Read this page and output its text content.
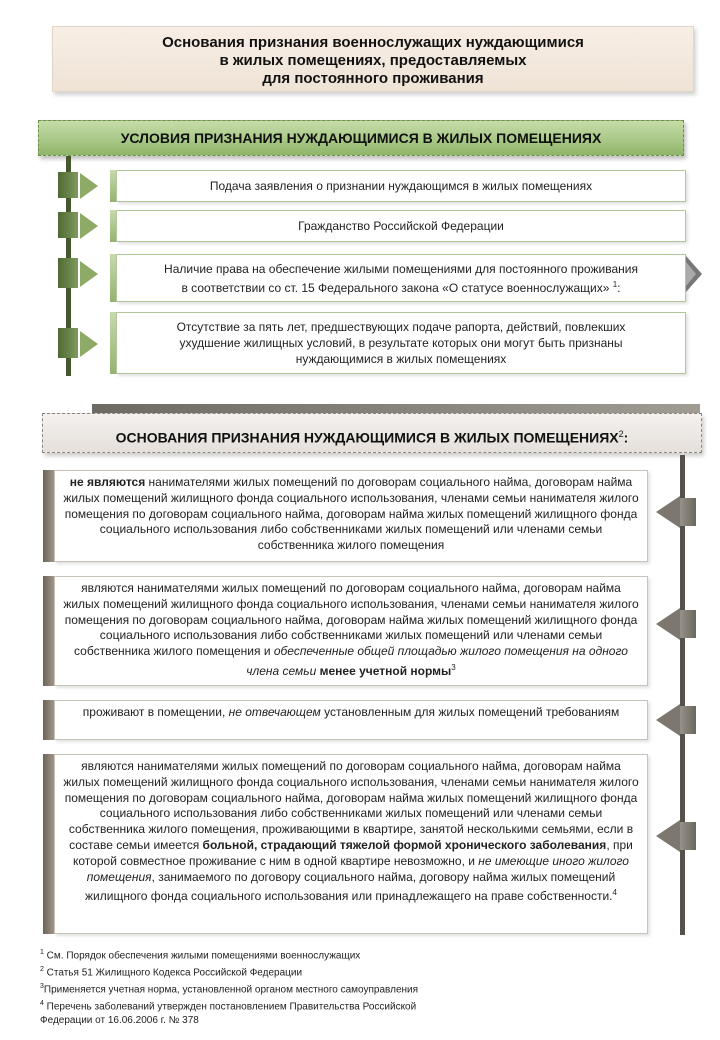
Основания признания военнослужащих нуждающимися
в жилых помещениях, предоставляемых
для постоянного проживания
УСЛОВИЯ ПРИЗНАНИЯ НУЖДАЮЩИМИСЯ В ЖИЛЫХ ПОМЕЩЕНИЯХ
Подача заявления о признании нуждающимся в жилых помещениях
Гражданство Российской Федерации
Наличие права на обеспечение жилыми помещениями для постоянного проживания
в соответствии со ст. 15 Федерального закона «О статусе военнослужащих» $^1$:
Отсутствие за пять лет, предшествующих подаче рапорта, действий, повлекших
ухудшение жилищных условий, в результате которых они могут быть признаны
нуждающимися в жилых помещениях
ОСНОВАНИЯ ПРИЗНАНИЯ НУЖДАЮЩИМИСЯ В ЖИЛЫХ ПОМЕЩЕНИЯХ$^2$:
не являются нанимателями жилых помещений по договорам социального найма, договорам найма жилых помещений жилищного фонда социального использования, членами семьи нанимателя жилого помещения по договорам социального найма, договорам найма жилых помещений жилищного фонда социального использования либо собственниками жилых помещений или членами семьи собственника жилого помещения
являются нанимателями жилых помещений по договорам социального найма, договорам найма жилых помещений жилищного фонда социального использования, членами семьи нанимателя жилого помещения по договорам социального найма, договорам найма жилых помещений жилищного фонда социального использования либо собственниками жилых помещений или членами семьи собственника жилого помещения и обеспеченные общей площадью жилого помещения на одного члена семьи менее учетной нормы$^3$
проживают в помещении, не отвечающем установленным для жилых помещений требованиям
являются нанимателями жилых помещений по договорам социального найма, договорам найма жилых помещений жилищного фонда социального использования, членами семьи нанимателя жилого помещения по договорам социального найма, договорам найма жилых помещений жилищного фонда социального использования либо собственниками жилых помещений или членами семьи собственника жилого помещения, проживающими в квартире, занятой несколькими семьями, если в составе семьи имеется больной, страдающий тяжелой формой хронического заболевания, при которой совместное проживание с ним в одной квартире невозможно, и не имеющие иного жилого помещения, занимаемого по договору социального найма, договору найма жилых помещений жилищного фонда социального использования или принадлежащего на праве собственности.$^4$
$^1$ См. Порядок обеспечения жилыми помещениями военнослужащих
$^2$ Статья 51 Жилищного Кодекса Российской Федерации
$^3$Применяется учетная норма, установленной органом местного самоуправления
$^4$ Перечень заболеваний утвержден постановлением Правительства Российской
Федерации от 16.06.2006 г. № 378
